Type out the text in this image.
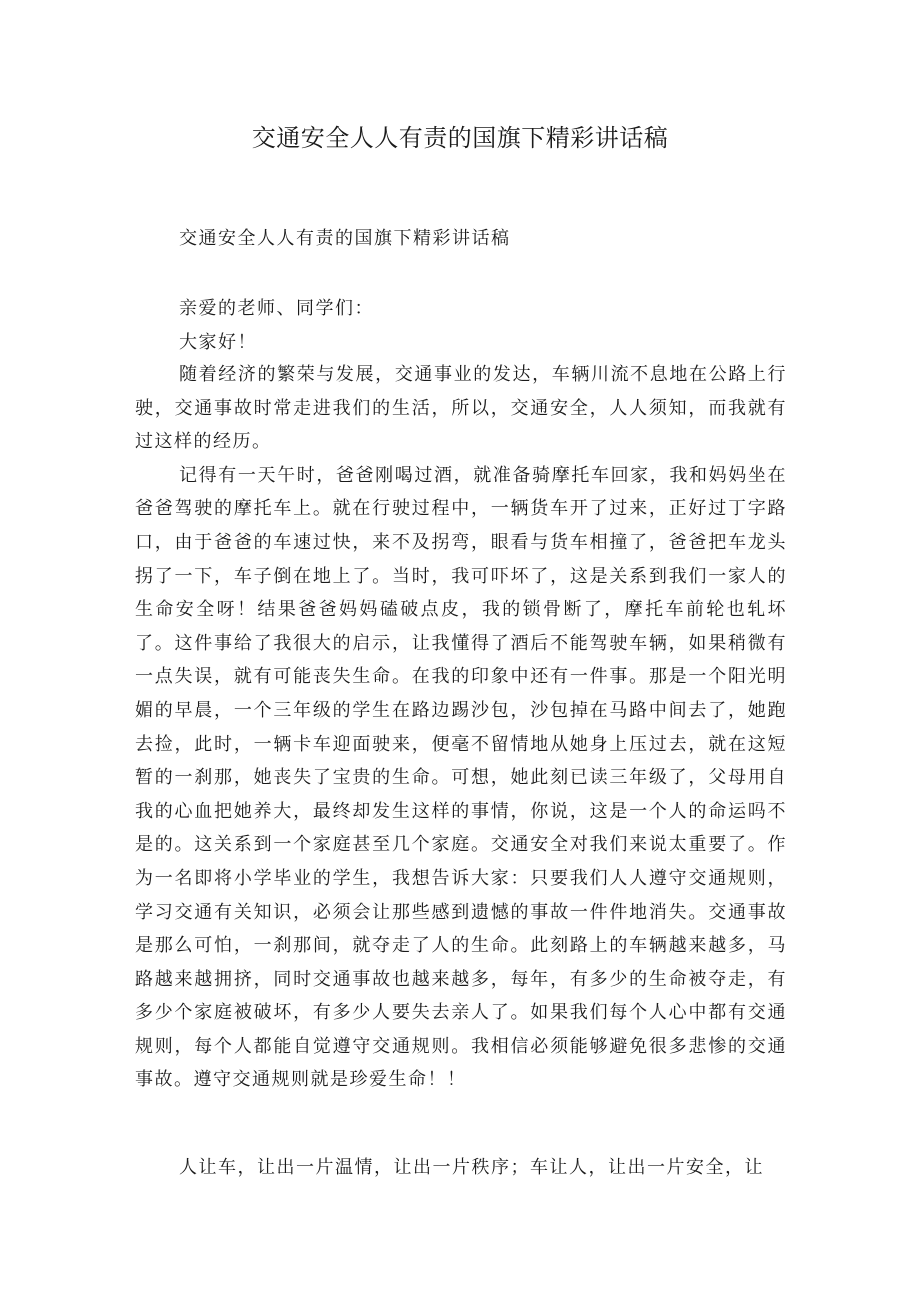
交通安全人人有责的国旗下精彩讲话稿

交通安全人人有责的国旗下精彩讲话稿

亲爱的老师、同学们：

大家好！

随着经济的繁荣与发展，交通事业的发达，车辆川流不息地在公路上行驶，交通事故时常走进我们的生活，所以，交通安全，人人须知，而我就有过这样的经历。

记得有一天午时，爸爸刚喝过酒，就准备骑摩托车回家，我和妈妈坐在爸爸驾驶的摩托车上。就在行驶过程中，一辆货车开了过来，正好过丁字路口，由于爸爸的车速过快，来不及拐弯，眼看与货车相撞了，爸爸把车龙头拐了一下，车子倒在地上了。当时，我可吓坏了，这是关系到我们一家人的生命安全呀！结果爸爸妈妈磕破点皮，我的锁骨断了，摩托车前轮也轧坏了。这件事给了我很大的启示，让我懂得了酒后不能驾驶车辆，如果稍微有一点失误，就有可能丧失生命。在我的印象中还有一件事。那是一个阳光明媚的早晨，一个三年级的学生在路边踢沙包，沙包掉在马路中间去了，她跑去捡，此时，一辆卡车迎面驶来，便毫不留情地从她身上压过去，就在这短暂的一刹那，她丧失了宝贵的生命。可想，她此刻已读三年级了，父母用自我的心血把她养大，最终却发生这样的事情，你说，这是一个人的命运吗不是的。这关系到一个家庭甚至几个家庭。交通安全对我们来说太重要了。作为一名即将小学毕业的学生，我想告诉大家：只要我们人人遵守交通规则，学习交通有关知识，必须会让那些感到遗憾的事故一件件地消失。交通事故是那么可怕，一刹那间，就夺走了人的生命。此刻路上的车辆越来越多，马路越来越拥挤，同时交通事故也越来越多，每年，有多少的生命被夺走，有多少个家庭被破坏，有多少人要失去亲人了。如果我们每个人心中都有交通规则，每个人都能自觉遵守交通规则。我相信必须能够避免很多悲惨的交通事故。遵守交通规则就是珍爱生命！！

人让车，让出一片温情，让出一片秩序；车让人，让出一片安全，让
